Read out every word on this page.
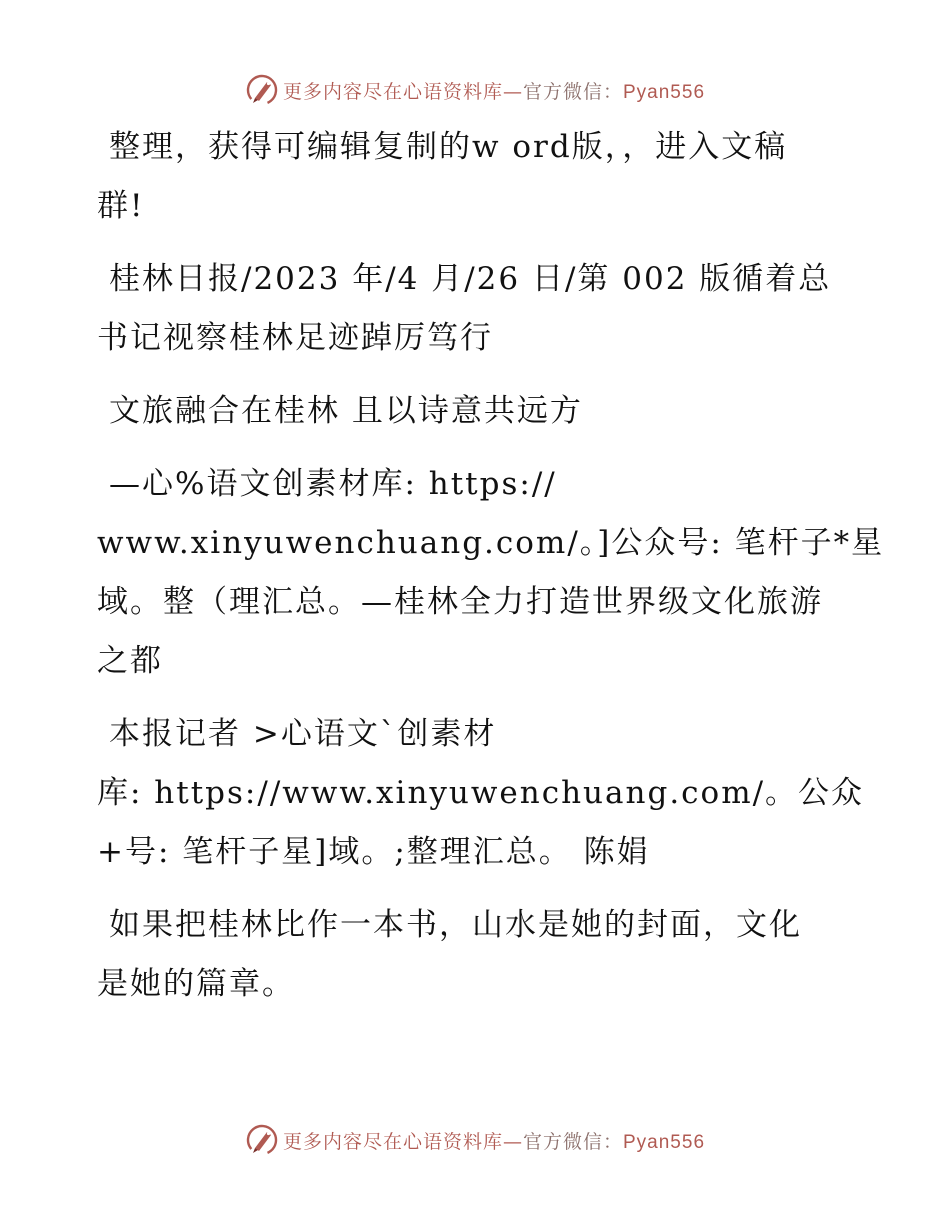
更多内容尽在心语资料库—官方微信：Pyan556

整理，获得可编辑复制的w ord版，，进入文稿
群!

桂林日报/2023 年/4 月/26 日/第 002 版循着总
书记视察桂林足迹踔厉笃行

文旅融合在桂林 且以诗意共远方

—心%语文创素材库: https://
www.xinyuwenchuang.com/。]公众号: 笔杆子*星
域。整（理汇总。—桂林全力打造世界级文化旅游
之都

本报记者 >心语文`创素材
库: https://www.xinyuwenchuang.com/。公众
+号: 笔杆子星]域。;整理汇总。 陈娟

如果把桂林比作一本书，山水是她的封面，文化
是她的篇章。

更多内容尽在心语资料库—官方微信：Pyan556
